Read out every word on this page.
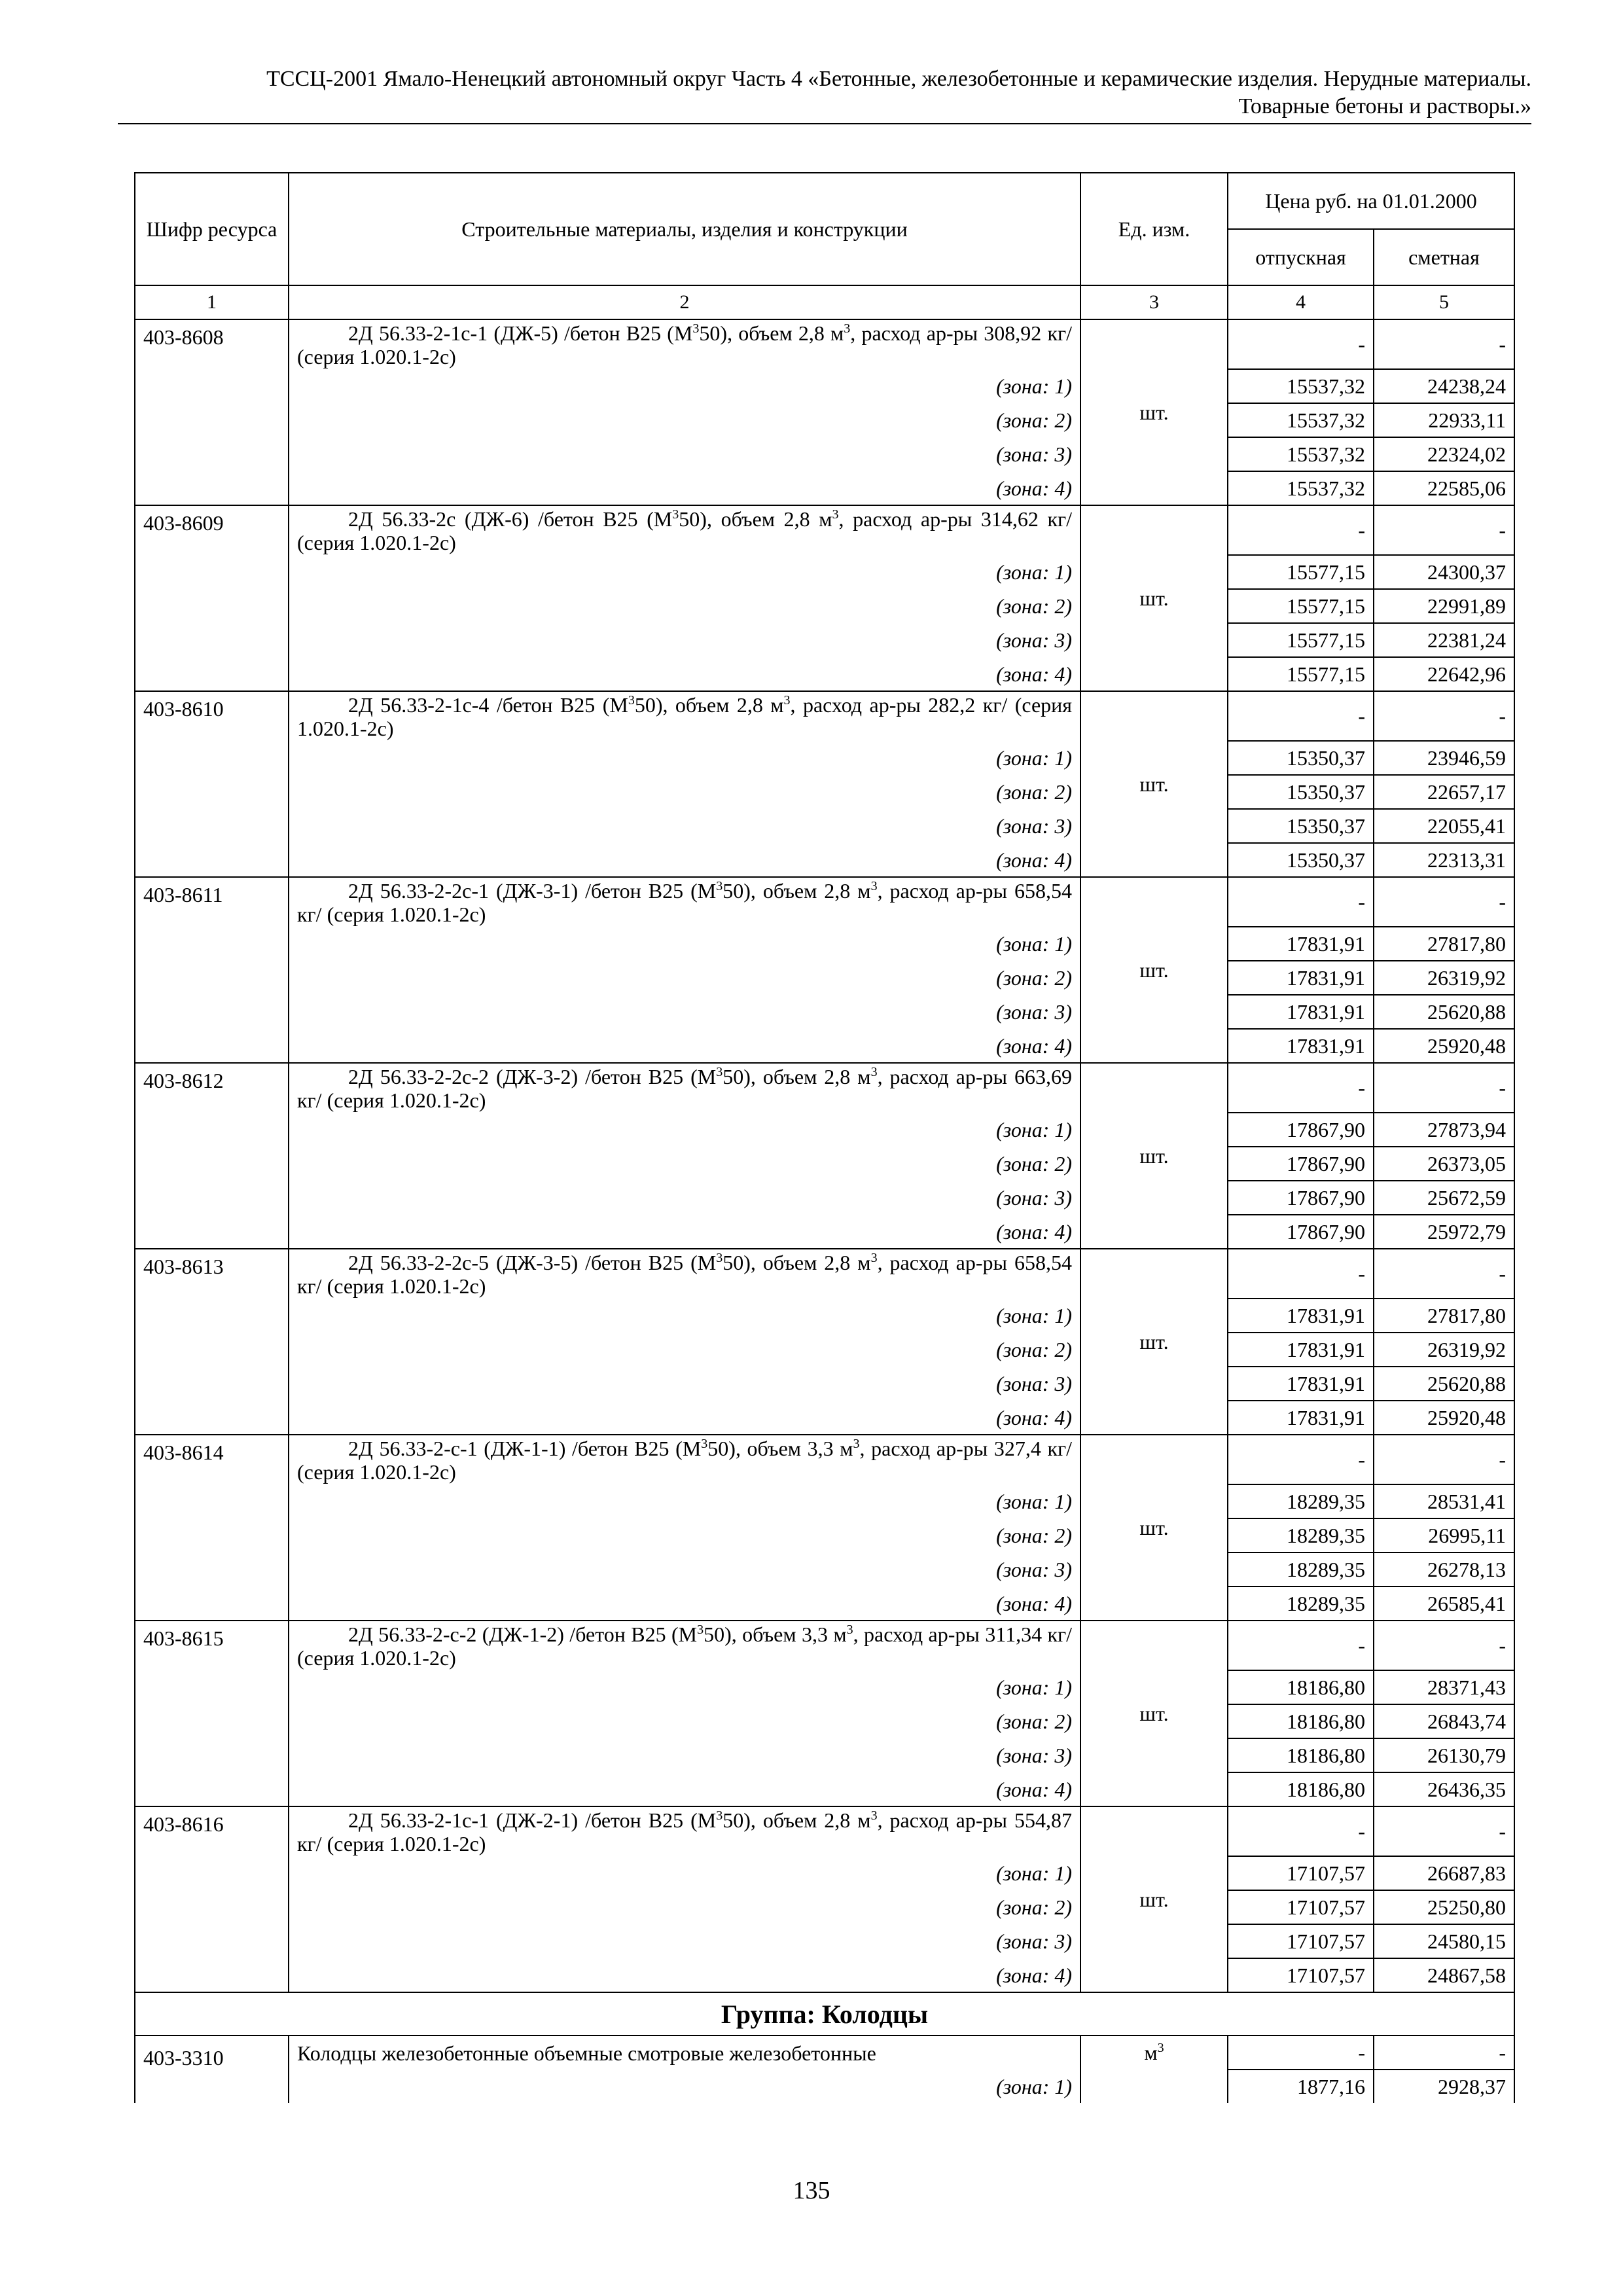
ТССЦ-2001 Ямало-Ненецкий автономный округ Часть 4 «Бетонные, железобетонные и керамические изделия. Нерудные материалы.
Товарные бетоны и растворы.»
Шифр ресурса	Строительные материалы, изделия и конструкции	Ед. изм.	Цена руб. на 01.01.2000	
			отпускная	сметная
1	2	3	4	5
403-8608	2Д 56.33-2-1с-1 (ДЖ-5) /бетон В25 $(М^350)$, объем 2,8 $м^3$, расход ар-ры 308,92 кг/ (серия 1.020.1-2с)	шт.	-	-
	(зона: 1)		15537,32	24238,24
	(зона: 2)		15537,32	22933,11
	(зона: 3)		15537,32	22324,02
	(зона: 4)		15537,32	22585,06
403-8609	2Д 56.33-2с (ДЖ-6) /бетон В25 $(М^350)$, объем 2,8 $м^3$, расход ар-ры 314,62 кг/ (серия 1.020.1-2с)	шт.	-	-
	(зона: 1)		15577,15	24300,37
	(зона: 2)		15577,15	22991,89
	(зона: 3)		15577,15	22381,24
	(зона: 4)		15577,15	22642,96
403-8610	2Д 56.33-2-1с-4 /бетон В25 $(М^350)$, объем 2,8 $м^3$, расход ар-ры 282,2 кг/ (серия 1.020.1-2с)	шт.	-	-
	(зона: 1)		15350,37	23946,59
	(зона: 2)		15350,37	22657,17
	(зона: 3)		15350,37	22055,41
	(зона: 4)		15350,37	22313,31
403-8611	2Д 56.33-2-2с-1 (ДЖ-3-1) /бетон В25 $(М^350)$, объем 2,8 $м^3$, расход ар-ры 658,54 кг/ (серия 1.020.1-2с)	шт.	-	-
	(зона: 1)		17831,91	27817,80
	(зона: 2)		17831,91	26319,92
	(зона: 3)		17831,91	25620,88
	(зона: 4)		17831,91	25920,48
403-8612	2Д 56.33-2-2с-2 (ДЖ-3-2) /бетон В25 $(М^350)$, объем 2,8 $м^3$, расход ар-ры 663,69 кг/ (серия 1.020.1-2с)	шт.	-	-
	(зона: 1)		17867,90	27873,94
	(зона: 2)		17867,90	26373,05
	(зона: 3)		17867,90	25672,59
	(зона: 4)		17867,90	25972,79
403-8613	2Д 56.33-2-2с-5 (ДЖ-3-5) /бетон В25 $(М^350)$, объем 2,8 $м^3$, расход ар-ры 658,54 кг/ (серия 1.020.1-2с)	шт.	-	-
	(зона: 1)		17831,91	27817,80
	(зона: 2)		17831,91	26319,92
	(зона: 3)		17831,91	25620,88
	(зона: 4)		17831,91	25920,48
403-8614	2Д 56.33-2-с-1 (ДЖ-1-1) /бетон В25 $(М^350)$, объем 3,3 $м^3$, расход ар-ры 327,4 кг/ (серия 1.020.1-2с)	шт.	-	-
	(зона: 1)		18289,35	28531,41
	(зона: 2)		18289,35	26995,11
	(зона: 3)		18289,35	26278,13
	(зона: 4)		18289,35	26585,41
403-8615	2Д 56.33-2-с-2 (ДЖ-1-2) /бетон В25 $(М^350)$, объем 3,3 $м^3$, расход ар-ры 311,34 кг/ (серия 1.020.1-2с)	шт.	-	-
	(зона: 1)		18186,80	28371,43
	(зона: 2)		18186,80	26843,74
	(зона: 3)		18186,80	26130,79
	(зона: 4)		18186,80	26436,35
403-8616	2Д 56.33-2-1с-1 (ДЖ-2-1) /бетон В25 $(М^350)$, объем 2,8 $м^3$, расход ар-ры 554,87 кг/ (серия 1.020.1-2с)	шт.	-	-
	(зона: 1)		17107,57	26687,83
	(зона: 2)		17107,57	25250,80
	(зона: 3)		17107,57	24580,15
	(зона: 4)		17107,57	24867,58
Группа: Колодцы				
403-3310	Колодцы железобетонные объемные смотровые железобетонные	$м^3$	-	-
	(зона: 1)		1877,16	2928,37
135
